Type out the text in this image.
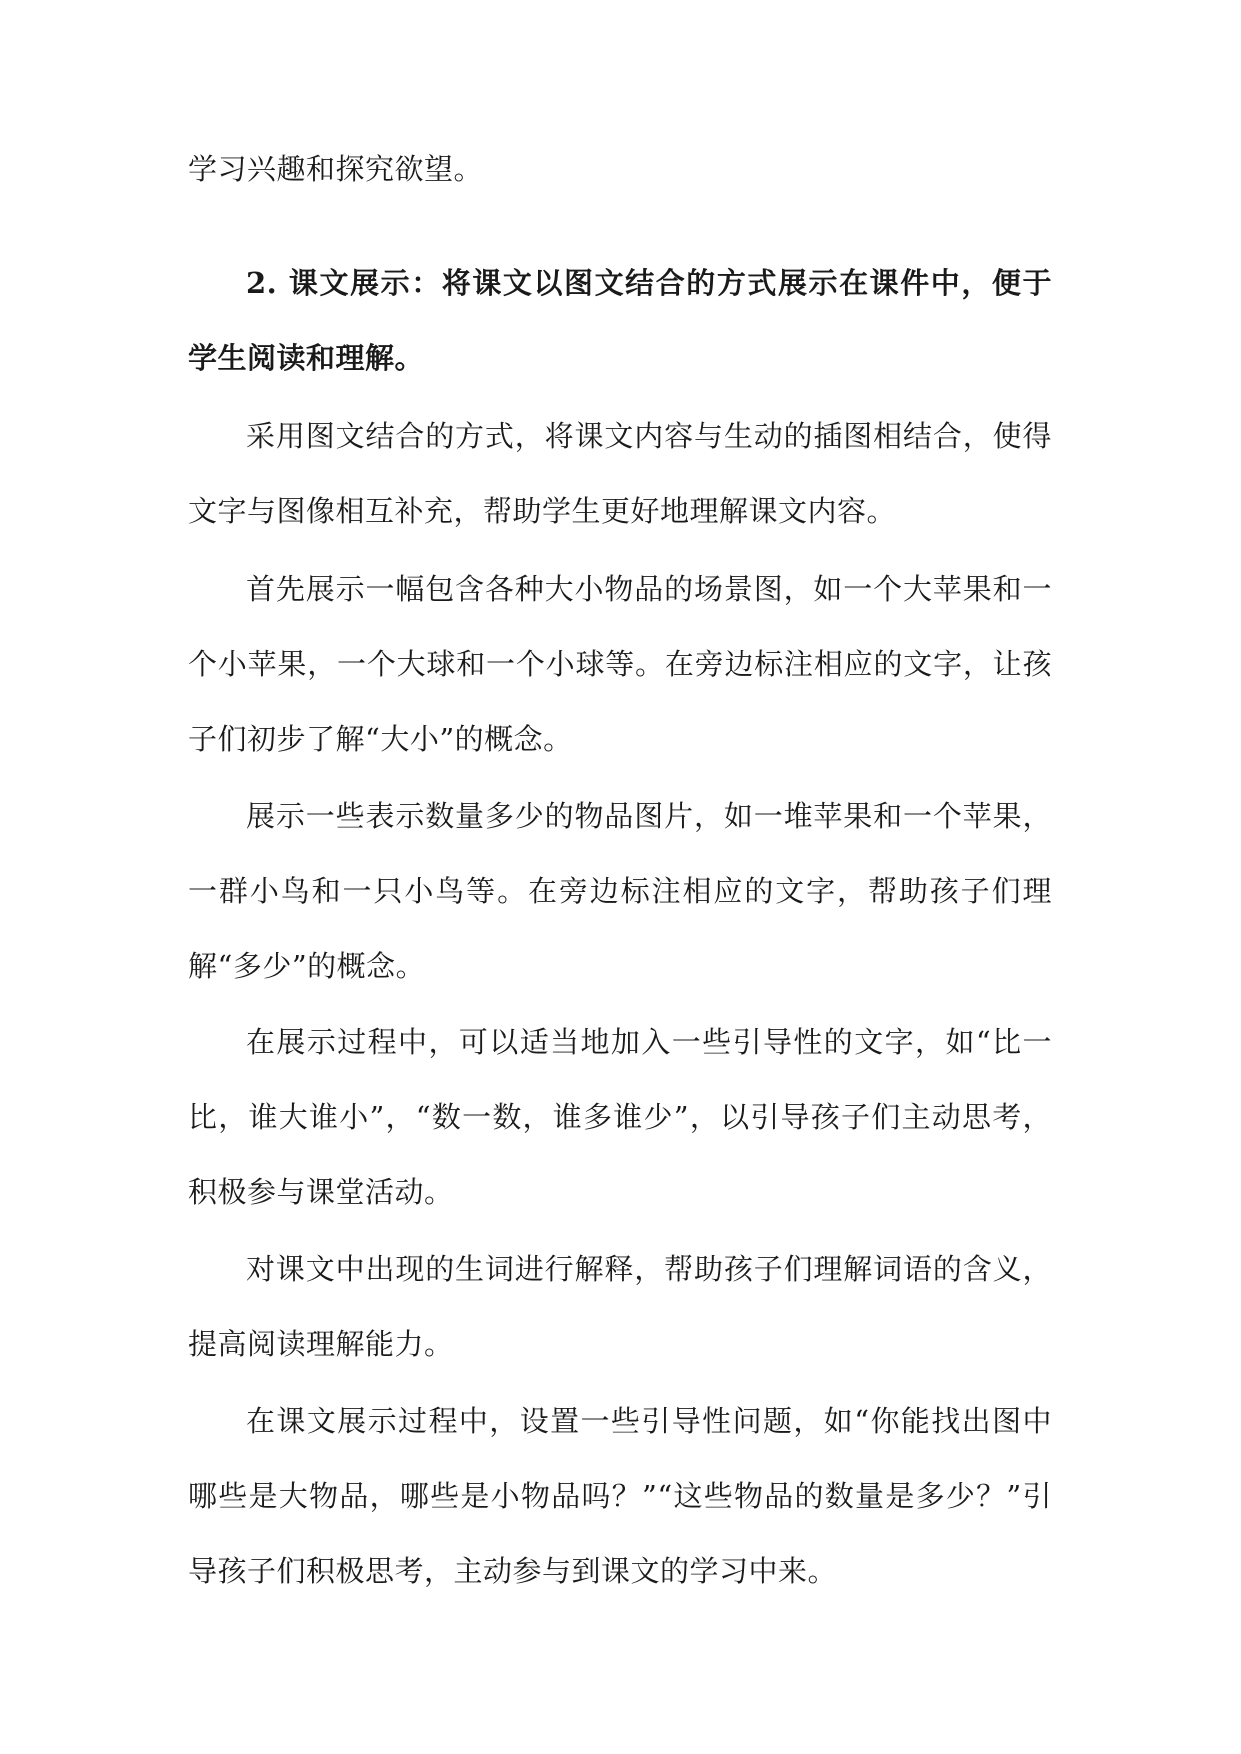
学习兴趣和探究欲望。

2. 课文展示：将课文以图文结合的方式展示在课件中，便于学生阅读和理解。

采用图文结合的方式，将课文内容与生动的插图相结合，使得文字与图像相互补充，帮助学生更好地理解课文内容。

首先展示一幅包含各种大小物品的场景图，如一个大苹果和一个小苹果，一个大球和一个小球等。在旁边标注相应的文字，让孩子们初步了解“大小”的概念。

展示一些表示数量多少的物品图片，如一堆苹果和一个苹果，一群小鸟和一只小鸟等。在旁边标注相应的文字，帮助孩子们理解“多少”的概念。

在展示过程中，可以适当地加入一些引导性的文字，如“比一比，谁大谁小”，“数一数，谁多谁少”，以引导孩子们主动思考，积极参与课堂活动。

对课文中出现的生词进行解释，帮助孩子们理解词语的含义，提高阅读理解能力。

在课文展示过程中，设置一些引导性问题，如“你能找出图中哪些是大物品，哪些是小物品吗？”“这些物品的数量是多少？”引导孩子们积极思考，主动参与到课文的学习中来。
